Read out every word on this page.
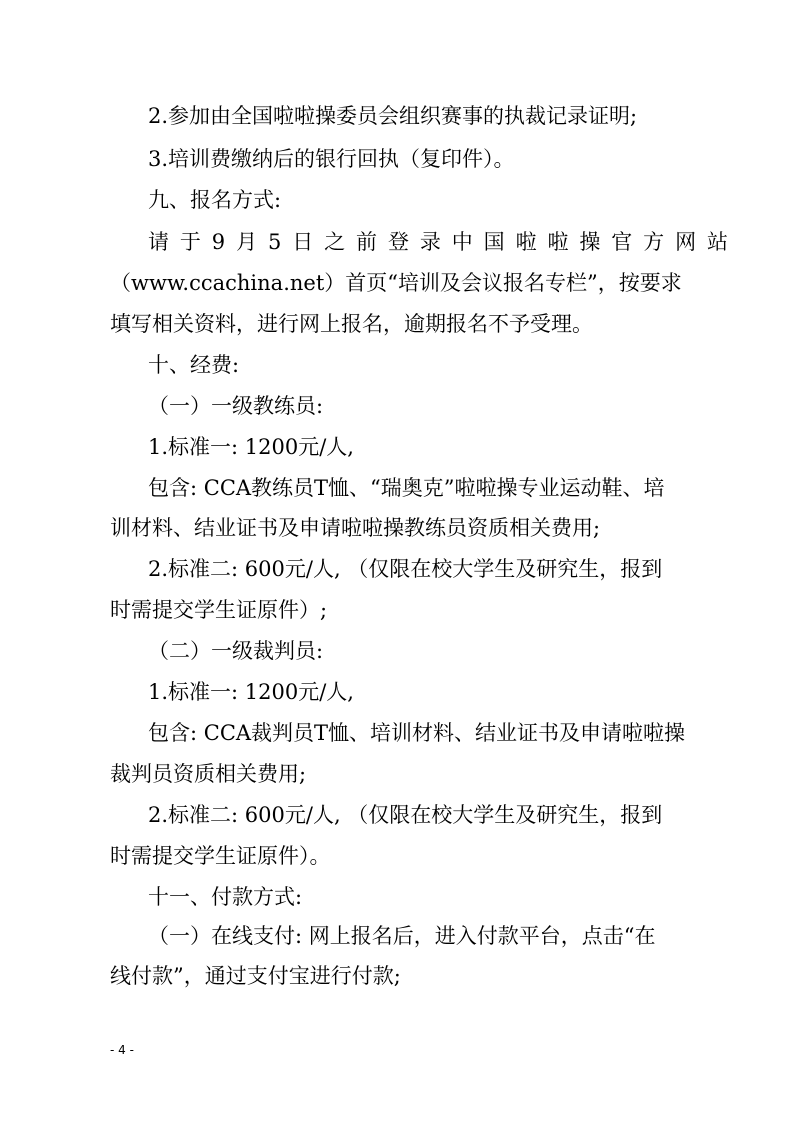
2.参加由全国啦啦操委员会组织赛事的执裁记录证明;
3.培训费缴纳后的银行回执（复印件）。
九、报名方式:
请于9月5日之前登录中国啦啦操官方网站
（www.ccachina.net）首页“培训及会议报名专栏”，按要求
填写相关资料，进行网上报名，逾期报名不予受理。
十、经费:
（一）一级教练员:
1.标准一: 1200元/人,
包含: CCA教练员T恤、“瑞奥克”啦啦操专业运动鞋、培
训材料、结业证书及申请啦啦操教练员资质相关费用;
2.标准二: 600元/人, （仅限在校大学生及研究生，报到
时需提交学生证原件）;
（二）一级裁判员:
1.标准一: 1200元/人,
包含: CCA裁判员T恤、培训材料、结业证书及申请啦啦操
裁判员资质相关费用;
2.标准二: 600元/人, （仅限在校大学生及研究生，报到
时需提交学生证原件）。
十一、付款方式:
（一）在线支付: 网上报名后，进入付款平台，点击“在
线付款”，通过支付宝进行付款;
- 4 -
